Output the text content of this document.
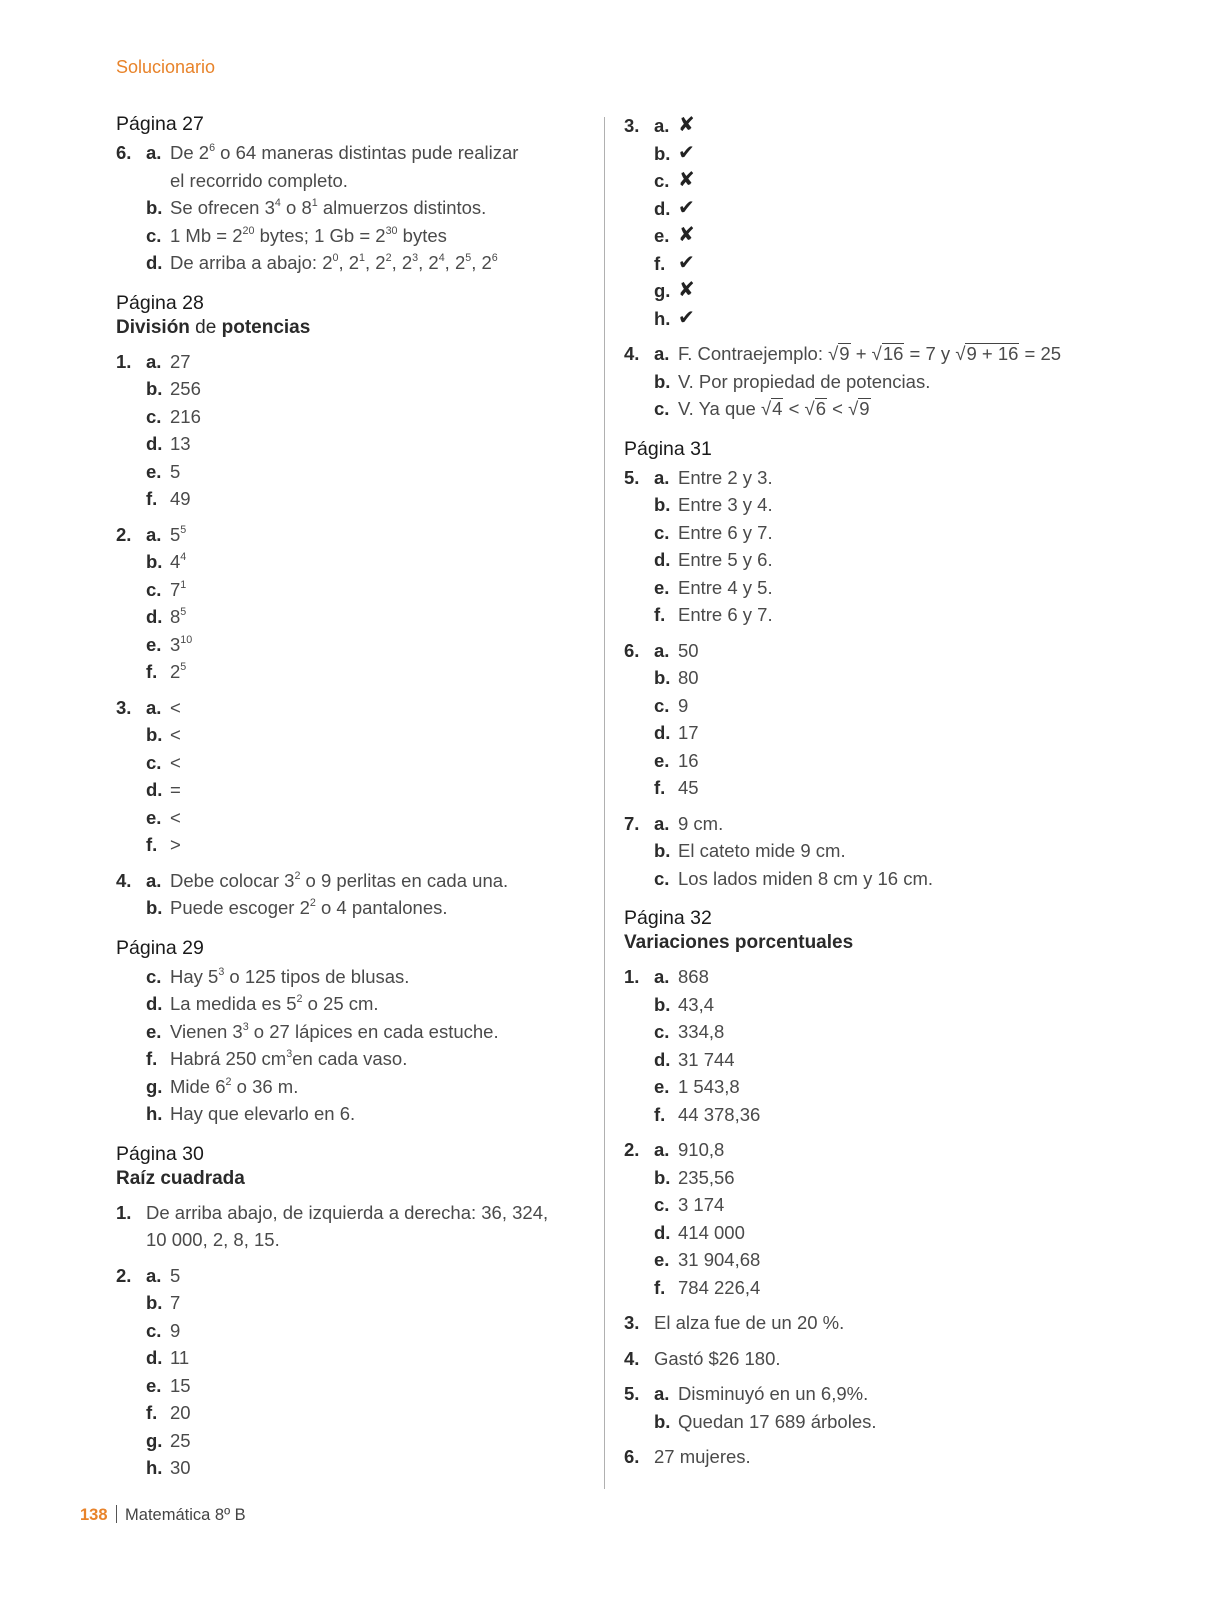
Solucionario
Página 27
6. a. De $2^6$ o 64 maneras distintas pude realizar
el recorrido completo.
b. Se ofrecen $3^4$ o $8^1$ almuerzos distintos.
c. 1 $Mb = 2^{20}$ bytes; 1 $Gb = 2^{30}$ bytes
d. De arriba a abajo: $2^0$, $2^1$, $2^2$, $2^3$, $2^4$, $2^5$, $2^6$
Página 28
División de potencias
1. a. 27
b. 256
c. 216
d. 13
e. 5
f. 49
2. a. $5^5$
b. $4^4$
c. $7^1$
d. $8^5$
e. $3^{10}$
f. $2^5$
3. a. <
b. <
c. <
d. =
e. <
f. >
4. a. Debe colocar $3^2$ o 9 perlitas en cada una.
b. Puede escoger $2^2$ o 4 pantalones.
Página 29
c. Hay $5^3$ o 125 tipos de blusas.
d. La medida es $5^2$ o 25 cm.
e. Vienen $3^3$ o 27 lápices en cada estuche.
f. Habrá 250 $cm^3en$ cada vaso.
g. Mide $6^2$ o 36 m.
h. Hay que elevarlo en 6.
Página 30
Raíz cuadrada
1. De arriba abajo, de izquierda a derecha: 36, 324,
10 000, 2, 8, 15.
2. a. 5
b. 7
c. 9
d. 11
e. 15
f. 20
g. 25
h. 30
3. a. ✘
b. ✔
c. ✘
d. ✔
e. ✘
f. ✔
g. ✘
h. ✔
4. a. F. Contraejemplo: √9 + √16 = 7 y √9 + 16 = 25
b. V. Por propiedad de potencias.
c. V. Ya que √4 < √6 < √9
Página 31
5. a. Entre 2 y 3.
b. Entre 3 y 4.
c. Entre 6 y 7.
d. Entre 5 y 6.
e. Entre 4 y 5.
f. Entre 6 y 7.
6. a. 50
b. 80
c. 9
d. 17
e. 16
f. 45
7. a. 9 cm.
b. El cateto mide 9 cm.
c. Los lados miden 8 cm y 16 cm.
Página 32
Variaciones porcentuales
1. a. 868
b. 43,4
c. 334,8
d. 31 744
e. 1 543,8
f. 44 378,36
2. a. 910,8
b. 235,56
c. 3 174
d. 414 000
e. 31 904,68
f. 784 226,4
3. El alza fue de un 20 %.
4. Gastó $26 180.
5. a. Disminuyó en un 6,9%.
b. Quedan 17 689 árboles.
6. 27 mujeres.
138 Matemática 8º B
